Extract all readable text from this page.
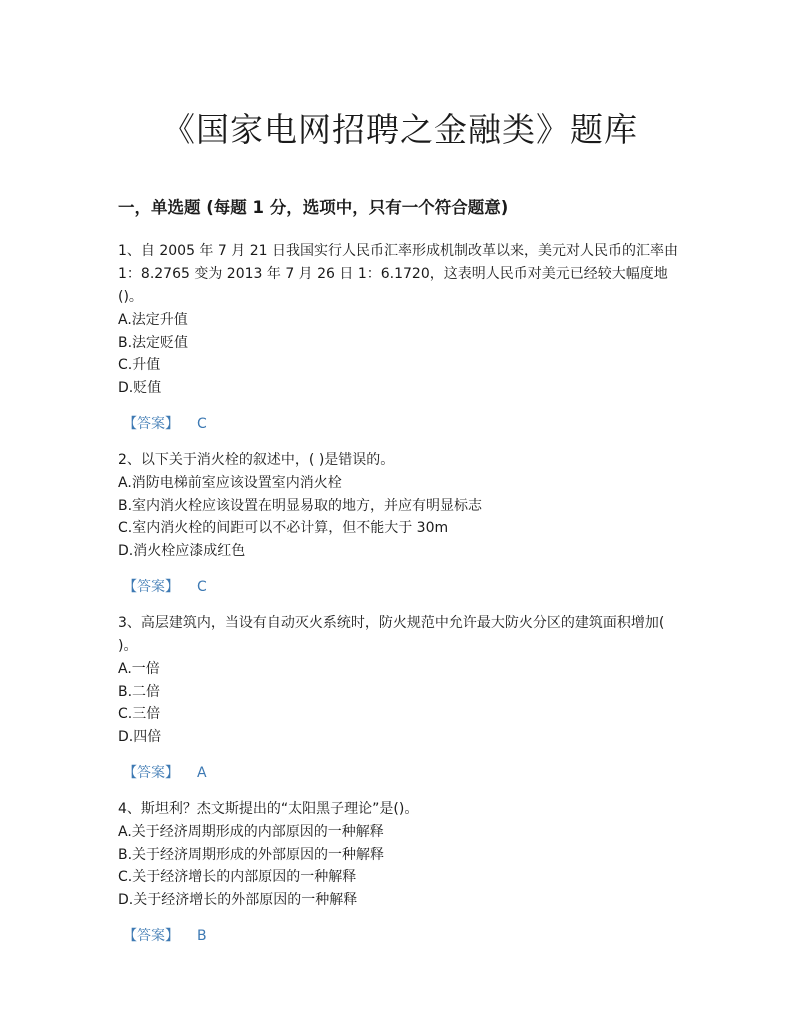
《国家电网招聘之金融类》题库
一，单选题 (每题 1 分，选项中，只有一个符合题意)

1、自 2005 年 7 月 21 日我国实行人民币汇率形成机制改革以来，美元对人民币的汇率由 1：8.2765 变为 2013 年 7 月 26 日 1：6.1720，这表明人民币对美元已经较大幅度地()。

A.法定升值

B.法定贬值

C.升值

D.贬值

【答案】 C

2、以下关于消火栓的叙述中，( )是错误的。

A.消防电梯前室应该设置室内消火栓

B.室内消火栓应该设置在明显易取的地方，并应有明显标志

C.室内消火栓的间距可以不必计算，但不能大于 30m

D.消火栓应漆成红色

【答案】 C

3、高层建筑内，当设有自动灭火系统时，防火规范中允许最大防火分区的建筑面积增加( )。

A.一倍

B.二倍

C.三倍

D.四倍

【答案】 A

4、斯坦利？杰文斯提出的“太阳黑子理论”是()。

A.关于经济周期形成的内部原因的一种解释

B.关于经济周期形成的外部原因的一种解释

C.关于经济增长的内部原因的一种解释

D.关于经济增长的外部原因的一种解释

【答案】 B
